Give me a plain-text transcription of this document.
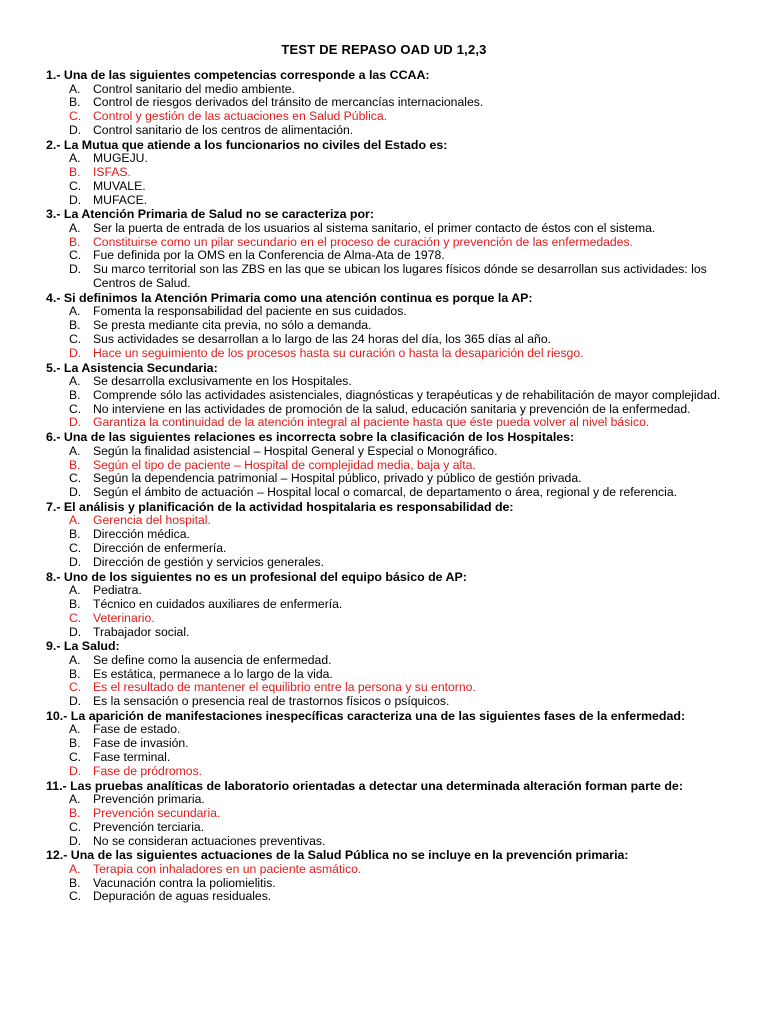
TEST DE REPASO OAD UD 1,2,3
1.- Una de las siguientes competencias corresponde a las CCAA:
A. Control sanitario del medio ambiente.
B. Control de riesgos derivados del tránsito de mercancías internacionales.
C. Control y gestión de las actuaciones en Salud Pública.
D. Control sanitario de los centros de alimentación.
2.- La Mutua que atiende a los funcionarios no civiles del Estado es:
A. MUGEJU.
B. ISFAS.
C. MUVALE.
D. MUFACE.
3.- La Atención Primaria de Salud no se caracteriza por:
A. Ser la puerta de entrada de los usuarios al sistema sanitario, el primer contacto de éstos con el sistema.
B. Constituirse como un pilar secundario en el proceso de curación y prevención de las enfermedades.
C. Fue definida por la OMS en la Conferencia de Alma-Ata de 1978.
D. Su marco territorial son las ZBS en las que se ubican los lugares físicos dónde se desarrollan sus actividades: los Centros de Salud.
4.- Si definimos la Atención Primaria como una atención continua es porque la AP:
A. Fomenta la responsabilidad del paciente en sus cuidados.
B. Se presta mediante cita previa, no sólo a demanda.
C. Sus actividades se desarrollan a lo largo de las 24 horas del día, los 365 días al año.
D. Hace un seguimiento de los procesos hasta su curación o hasta la desaparición del riesgo.
5.- La Asistencia Secundaria:
A. Se desarrolla exclusivamente en los Hospitales.
B. Comprende sólo las actividades asistenciales, diagnósticas y terapéuticas y de rehabilitación de mayor complejidad.
C. No interviene en las actividades de promoción de la salud, educación sanitaria y prevención de la enfermedad.
D. Garantiza la continuidad de la atención integral al paciente hasta que éste pueda volver al nivel básico.
6.- Una de las siguientes relaciones es incorrecta sobre la clasificación de los Hospitales:
A. Según la finalidad asistencial – Hospital General y Especial o Monográfico.
B. Según el tipo de paciente – Hospital de complejidad media, baja y alta.
C. Según la dependencia patrimonial – Hospital público, privado y público de gestión privada.
D. Según el ámbito de actuación – Hospital local o comarcal, de departamento o área, regional y de referencia.
7.- El análisis y planificación de la actividad hospitalaria es responsabilidad de:
A. Gerencia del hospital.
B. Dirección médica.
C. Dirección de enfermería.
D. Dirección de gestión y servicios generales.
8.- Uno de los siguientes no es un profesional del equipo básico de AP:
A. Pediatra.
B. Técnico en cuidados auxiliares de enfermería.
C. Veterinario.
D. Trabajador social.
9.- La Salud:
A. Se define como la ausencia de enfermedad.
B. Es estática, permanece a lo largo de la vida.
C. Es el resultado de mantener el equilibrio entre la persona y su entorno.
D. Es la sensación o presencia real de trastornos físicos o psíquicos.
10.- La aparición de manifestaciones inespecíficas caracteriza una de las siguientes fases de la enfermedad:
A. Fase de estado.
B. Fase de invasión.
C. Fase terminal.
D. Fase de pródromos.
11.- Las pruebas analíticas de laboratorio orientadas a detectar una determinada alteración forman parte de:
A. Prevención primaria.
B. Prevención secundaria.
C. Prevención terciaria.
D. No se consideran actuaciones preventivas.
12.- Una de las siguientes actuaciones de la Salud Pública no se incluye en la prevención primaria:
A. Terapia con inhaladores en un paciente asmático.
B. Vacunación contra la poliomielitis.
C. Depuración de aguas residuales.
